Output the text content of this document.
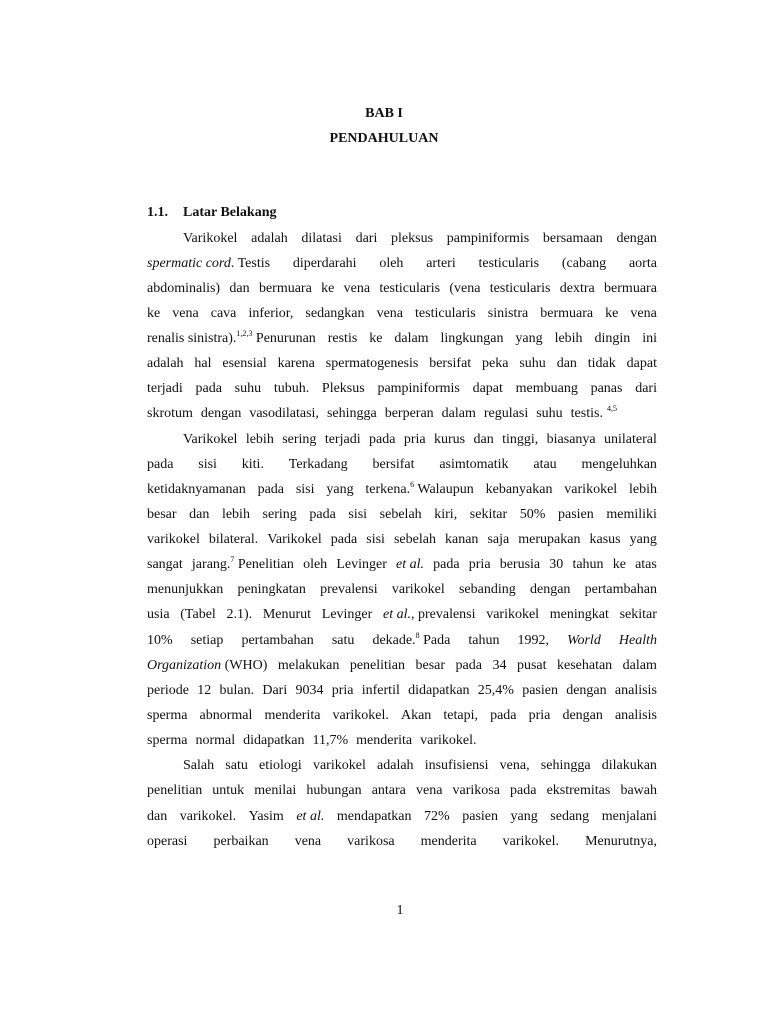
BAB I
PENDAHULUAN
1.1. Latar Belakang
Varikokel adalah dilatasi dari pleksus pampiniformis bersamaan dengan
spermatic cord. Testis diperdarahi oleh arteri testicularis (cabang aorta
abdominalis) dan bermuara ke vena testicularis (vena testicularis dextra bermuara
ke vena cava inferior, sedangkan vena testicularis sinistra bermuara ke vena
renalis sinistra).$^{1,2,3}$ Penurunan restis ke dalam lingkungan yang lebih dingin ini
adalah hal esensial karena spermatogenesis bersifat peka suhu dan tidak dapat
terjadi pada suhu tubuh. Pleksus pampiniformis dapat membuang panas dari
skrotum dengan vasodilatasi, sehingga berperan dalam regulasi suhu testis. $^{4,5}$
Varikokel lebih sering terjadi pada pria kurus dan tinggi, biasanya unilateral
pada sisi kiti. Terkadang bersifat asimtomatik atau mengeluhkan
ketidaknyamanan pada sisi yang terkena.$^6$ Walaupun kebanyakan varikokel lebih
besar dan lebih sering pada sisi sebelah kiri, sekitar 50% pasien memiliki
varikokel bilateral. Varikokel pada sisi sebelah kanan saja merupakan kasus yang
sangat jarang.$^7$ Penelitian oleh Levinger et al. pada pria berusia 30 tahun ke atas
menunjukkan peningkatan prevalensi varikokel sebanding dengan pertambahan
usia (Tabel 2.1). Menurut Levinger et al., prevalensi varikokel meningkat sekitar
10% setiap pertambahan satu dekade.$^8$ Pada tahun 1992, World Health
Organization (WHO) melakukan penelitian besar pada 34 pusat kesehatan dalam
periode 12 bulan. Dari 9034 pria infertil didapatkan 25,4% pasien dengan analisis
sperma abnormal menderita varikokel. Akan tetapi, pada pria dengan analisis
sperma normal didapatkan 11,7% menderita varikokel.
Salah satu etiologi varikokel adalah insufisiensi vena, sehingga dilakukan
penelitian untuk menilai hubungan antara vena varikosa pada ekstremitas bawah
dan varikokel. Yasim et al. mendapatkan 72% pasien yang sedang menjalani
operasi perbaikan vena varikosa menderita varikokel. Menurutnya,
1
